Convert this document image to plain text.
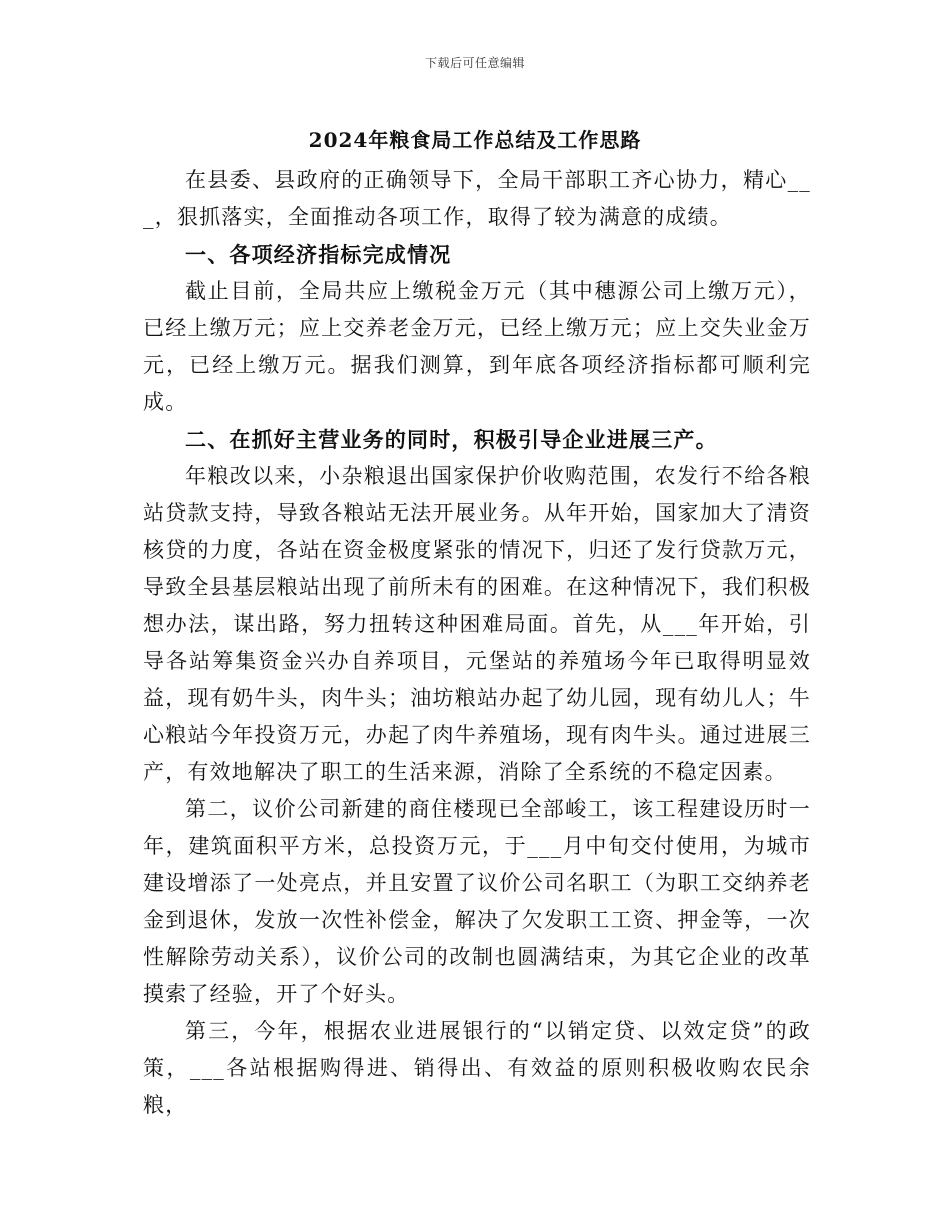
下载后可任意编辑
2024年粮食局工作总结及工作思路

在县委、县政府的正确领导下，全局干部职工齐心协力，精心___，狠抓落实，全面推动各项工作，取得了较为满意的成绩。

一、各项经济指标完成情况

截止目前，全局共应上缴税金万元（其中穗源公司上缴万元），已经上缴万元；应上交养老金万元，已经上缴万元；应上交失业金万元，已经上缴万元。据我们测算，到年底各项经济指标都可顺利完成。

二、在抓好主营业务的同时，积极引导企业进展三产。

年粮改以来，小杂粮退出国家保护价收购范围，农发行不给各粮站贷款支持，导致各粮站无法开展业务。从年开始，国家加大了清资核贷的力度，各站在资金极度紧张的情况下，归还了发行贷款万元，导致全县基层粮站出现了前所未有的困难。在这种情况下，我们积极想办法，谋出路，努力扭转这种困难局面。首先，从___年开始，引导各站筹集资金兴办自养项目，元堡站的养殖场今年已取得明显效益，现有奶牛头，肉牛头；油坊粮站办起了幼儿园，现有幼儿人；牛心粮站今年投资万元，办起了肉牛养殖场，现有肉牛头。通过进展三产，有效地解决了职工的生活来源，消除了全系统的不稳定因素。

第二，议价公司新建的商住楼现已全部峻工，该工程建设历时一年，建筑面积平方米，总投资万元，于___月中旬交付使用，为城市建设增添了一处亮点，并且安置了议价公司名职工（为职工交纳养老金到退休，发放一次性补偿金，解决了欠发职工工资、押金等，一次性解除劳动关系），议价公司的改制也圆满结束，为其它企业的改革摸索了经验，开了个好头。

第三，今年，根据农业进展银行的“以销定贷、以效定贷”的政策，___各站根据购得进、销得出、有效益的原则积极收购农民余粮，
